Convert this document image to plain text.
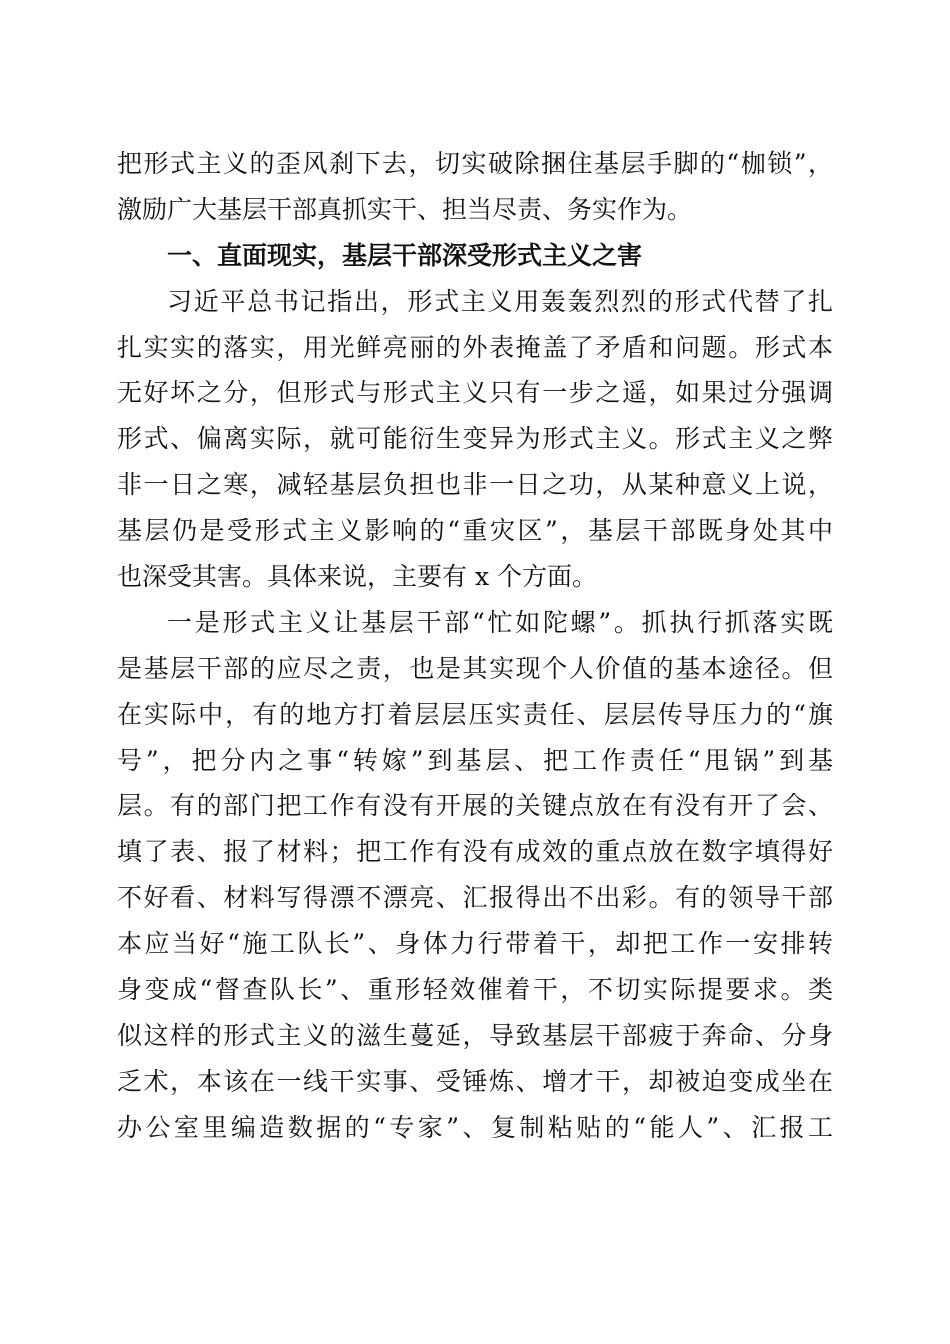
把形式主义的歪风刹下去，切实破除捆住基层手脚的“枷锁”，
激励广大基层干部真抓实干、担当尽责、务实作为。
一、直面现实，基层干部深受形式主义之害
习近平总书记指出，形式主义用轰轰烈烈的形式代替了扎
扎实实的落实，用光鲜亮丽的外表掩盖了矛盾和问题。形式本
无好坏之分，但形式与形式主义只有一步之遥，如果过分强调
形式、偏离实际，就可能衍生变异为形式主义。形式主义之弊
非一日之寒，减轻基层负担也非一日之功，从某种意义上说，
基层仍是受形式主义影响的“重灾区”，基层干部既身处其中
也深受其害。具体来说，主要有 x 个方面。
一是形式主义让基层干部“忙如陀螺”。抓执行抓落实既
是基层干部的应尽之责，也是其实现个人价值的基本途径。但
在实际中，有的地方打着层层压实责任、层层传导压力的“旗
号”，把分内之事“转嫁”到基层、把工作责任“甩锅”到基
层。有的部门把工作有没有开展的关键点放在有没有开了会、
填了表、报了材料；把工作有没有成效的重点放在数字填得好
不好看、材料写得漂不漂亮、汇报得出不出彩。有的领导干部
本应当好“施工队长”、身体力行带着干，却把工作一安排转
身变成“督查队长”、重形轻效催着干，不切实际提要求。类
似这样的形式主义的滋生蔓延，导致基层干部疲于奔命、分身
乏术，本该在一线干实事、受锤炼、增才干，却被迫变成坐在
办公室里编造数据的“专家”、复制粘贴的“能人”、汇报工
